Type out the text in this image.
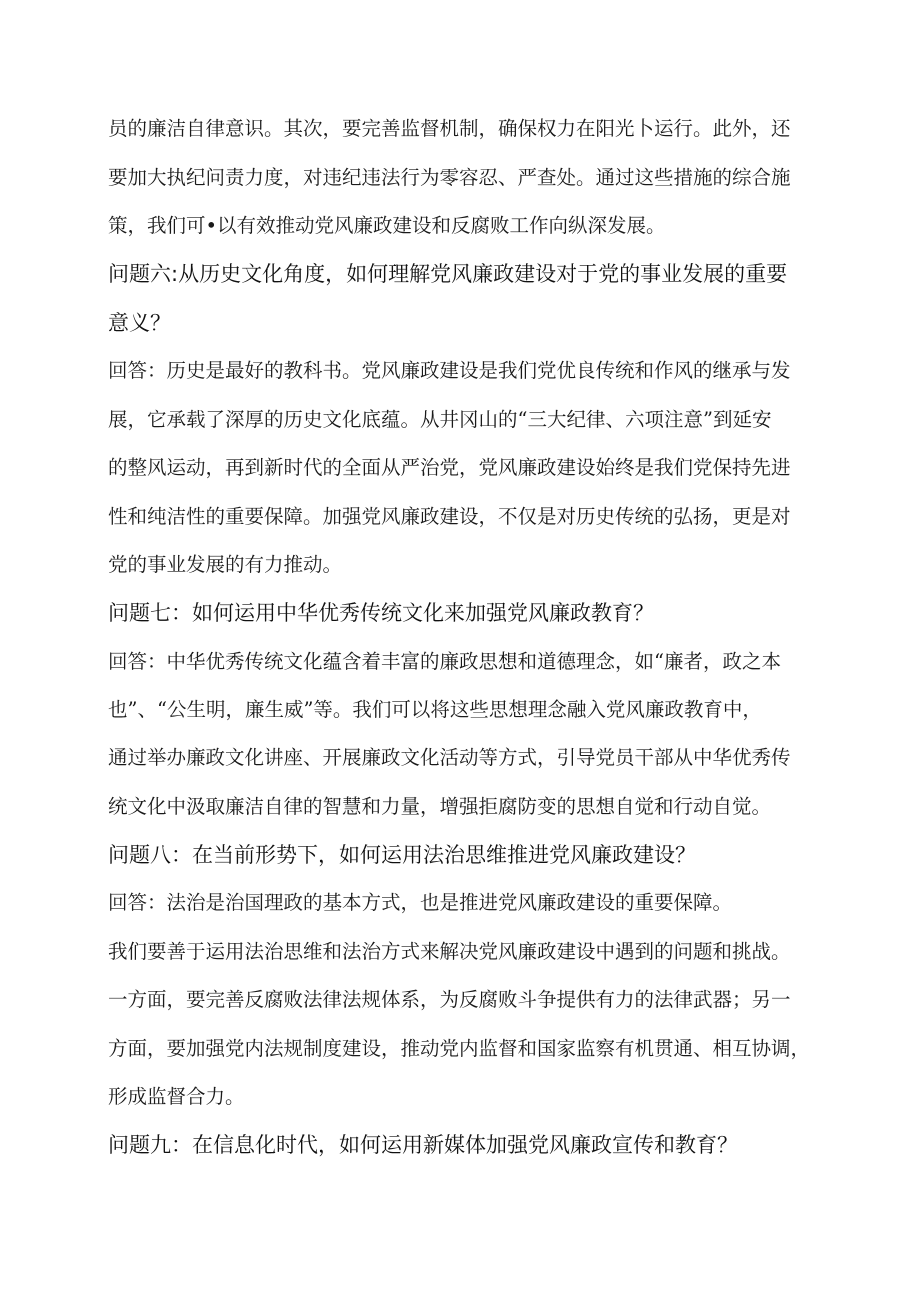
员的廉洁自律意识。其次，要完善监督机制，确保权力在阳光卜运行。此外，还
要加大执纪问责力度，对违纪违法行为零容忍、严查处。通过这些措施的综合施
策，我们可•以有效推动党风廉政建设和反腐败工作向纵深发展。
问题六:从历史文化角度，如何理解党风廉政建设对于党的事业发展的重要
意义？
回答：历史是最好的教科书。党风廉政建设是我们党优良传统和作风的继承与发
展，它承载了深厚的历史文化底蕴。从井冈山的“三大纪律、六项注意”到延安
的整风运动，再到新时代的全面从严治党，党风廉政建设始终是我们党保持先进
性和纯洁性的重要保障。加强党风廉政建设，不仅是对历史传统的弘扬，更是对
党的事业发展的有力推动。
问题七：如何运用中华优秀传统文化来加强党风廉政教育？
回答：中华优秀传统文化蕴含着丰富的廉政思想和道德理念，如“廉者，政之本
也”、“公生明，廉生威”等。我们可以将这些思想理念融入党风廉政教育中，
通过举办廉政文化讲座、开展廉政文化活动等方式，引导党员干部从中华优秀传
统文化中汲取廉洁自律的智慧和力量，增强拒腐防变的思想自觉和行动自觉。
问题八：在当前形势下，如何运用法治思维推进党风廉政建设？
回答：法治是治国理政的基本方式，也是推进党风廉政建设的重要保障。
我们要善于运用法治思维和法治方式来解决党风廉政建设中遇到的问题和挑战。
一方面，要完善反腐败法律法规体系，为反腐败斗争提供有力的法律武器；另一
方面，要加强党内法规制度建设，推动党内监督和国家监察有机贯通、相互协调，
形成监督合力。
问题九：在信息化时代，如何运用新媒体加强党风廉政宣传和教育？
